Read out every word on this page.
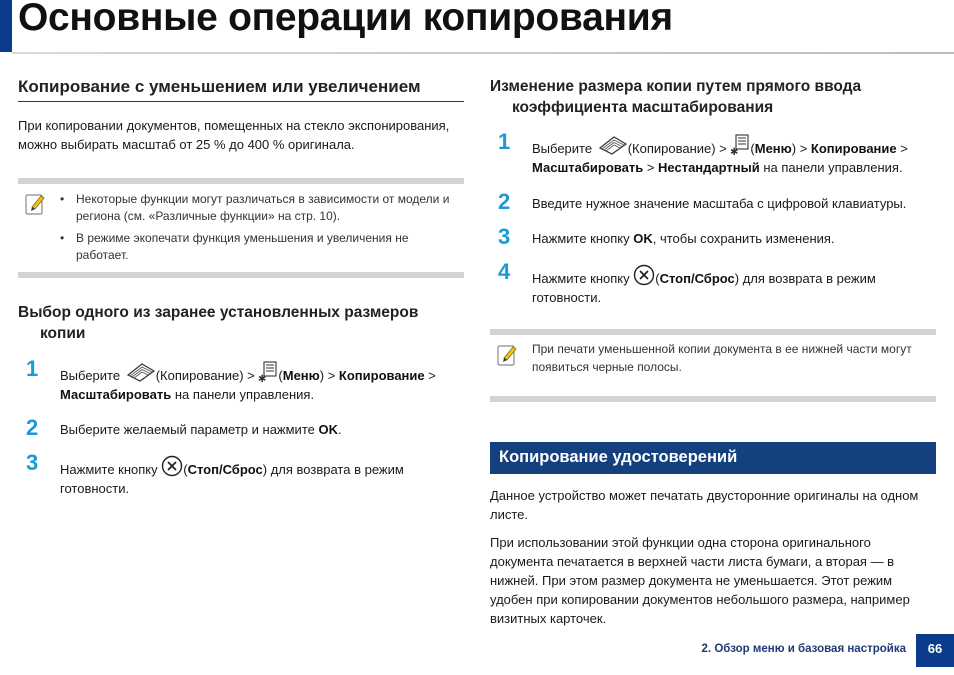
Основные операции копирования
Копирование с уменьшением или увеличением

При копировании документов, помещенных на стекло экспонирования, можно выбирать масштаб от 25 % до 400 % оригинала.

• Некоторые функции могут различаться в зависимости от модели и региона (см. «Различные функции» на стр. 10).
• В режиме экопечати функция уменьшения и увеличения не работает.
Выбор одного из заранее установленных размеров
копии
1 Выберите (Копирование) > ✱ (Меню) > Копирование >
Масштабировать на панели управления.
2 Выберите желаемый параметр и нажмите OK.
3 Нажмите кнопку (Стоп/Сброс) для возврата в режим готовности.
Изменение размера копии путем прямого ввода
коэффициента масштабирования
1 Выберите (Копирование) > ✱ (Меню) > Копирование >
Масштабировать > Нестандартный на панели управления.
2 Введите нужное значение масштаба с цифровой клавиатуры.
3 Нажмите кнопку OK, чтобы сохранить изменения.
4 Нажмите кнопку (Стоп/Сброс) для возврата в режим готовности.

При печати уменьшенной копии документа в ее нижней части могут появиться черные полосы.

Копирование удостоверений

Данное устройство может печатать двусторонние оригиналы на одном листе.

При использовании этой функции одна сторона оригинального документа печатается в верхней части листа бумаги, а вторая — в нижней. При этом размер документа не уменьшается. Этот режим удобен при копировании документов небольшого размера, например визитных карточек.

2. Обзор меню и базовая настройка	66
